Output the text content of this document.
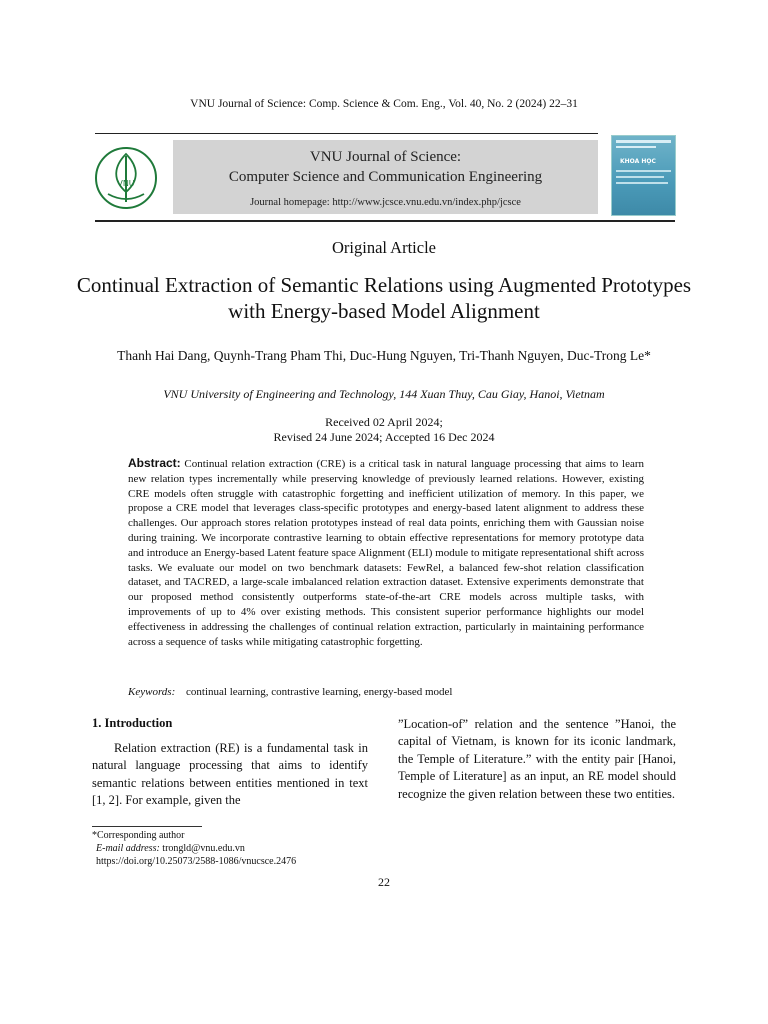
VNU Journal of Science: Comp. Science & Com. Eng., Vol. 40, No. 2 (2024) 22–31
VNU
VNU Journal of Science:
Computer Science and Communication Engineering
Journal homepage: http://www.jcsce.vnu.edu.vn/index.php/jcsce
KHOA HỌC
Original Article
Continual Extraction of Semantic Relations using Augmented Prototypes with Energy-based Model Alignment
Thanh Hai Dang, Quynh-Trang Pham Thi, Duc-Hung Nguyen, Tri-Thanh Nguyen, Duc-Trong Le*
VNU University of Engineering and Technology, 144 Xuan Thuy, Cau Giay, Hanoi, Vietnam
Received 02 April 2024;
Revised 24 June 2024; Accepted 16 Dec 2024
Abstract: Continual relation extraction (CRE) is a critical task in natural language processing that aims to learn new relation types incrementally while preserving knowledge of previously learned relations. However, existing CRE models often struggle with catastrophic forgetting and inefficient utilization of memory. In this paper, we propose a CRE model that leverages class-specific prototypes and energy-based latent alignment to address these challenges. Our approach stores relation prototypes instead of real data points, enriching them with Gaussian noise during training. We incorporate contrastive learning to obtain effective representations for memory prototype data and introduce an Energy-based Latent feature space Alignment (ELI) module to mitigate representational shift across tasks. We evaluate our model on two benchmark datasets: FewRel, a balanced few-shot relation classification dataset, and TACRED, a large-scale imbalanced relation extraction dataset. Extensive experiments demonstrate that our proposed method consistently outperforms state-of-the-art CRE models across multiple tasks, with improvements of up to 4% over existing methods. This consistent superior performance highlights our model effectiveness in addressing the challenges of continual relation extraction, particularly in maintaining performance across a sequence of tasks while mitigating catastrophic forgetting.
Keywords: continual learning, contrastive learning, energy-based model
1. Introduction
Relation extraction (RE) is a fundamental task in natural language processing that aims to identify semantic relations between entities mentioned in text [1, 2]. For example, given the
”Location-of” relation and the sentence ”Hanoi, the capital of Vietnam, is known for its iconic landmark, the Temple of Literature.” with the entity pair [Hanoi, Temple of Literature] as an input, an RE model should recognize the given relation between these two entities.
*Corresponding author
E-mail address: trongld@vnu.edu.vn
https://doi.org/10.25073/2588-1086/vnucsce.2476
22
